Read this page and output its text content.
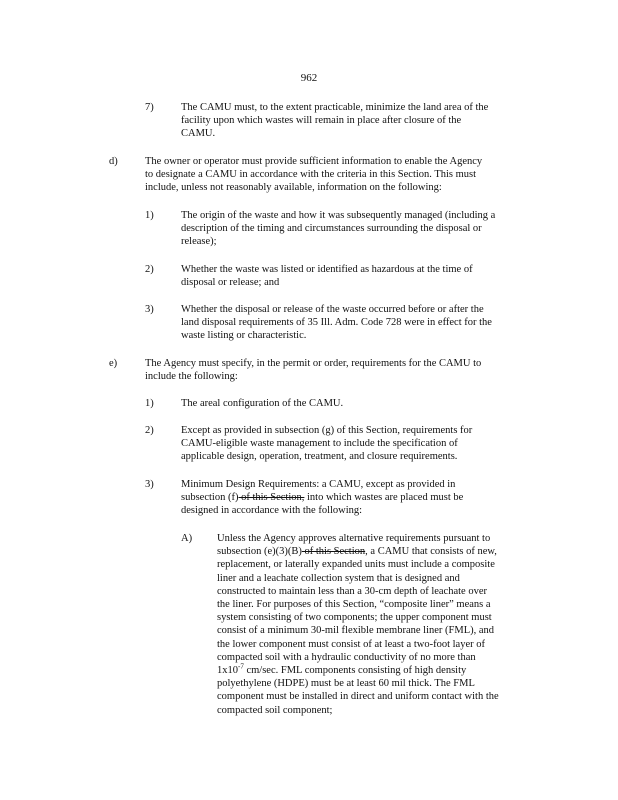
962
7)	The CAMU must, to the extent practicable, minimize the land area of the
facility upon which wastes will remain in place after closure of the
CAMU.
d)	The owner or operator must provide sufficient information to enable the Agency
to designate a CAMU in accordance with the criteria in this Section. This must
include, unless not reasonably available, information on the following:
1)	The origin of the waste and how it was subsequently managed (including a
description of the timing and circumstances surrounding the disposal or
release);
2)	Whether the waste was listed or identified as hazardous at the time of
disposal or release; and
3)	Whether the disposal or release of the waste occurred before or after the
land disposal requirements of 35 Ill. Adm. Code 728 were in effect for the
waste listing or characteristic.
e)	The Agency must specify, in the permit or order, requirements for the CAMU to
include the following:
1)	The areal configuration of the CAMU.
2)	Except as provided in subsection (g) of this Section, requirements for
CAMU-eligible waste management to include the specification of
applicable design, operation, treatment, and closure requirements.
3)	Minimum Design Requirements: a CAMU, except as provided in
subsection (f) of this Section, into which wastes are placed must be
designed in accordance with the following:
A) Unless the Agency approves alternative requirements pursuant to
subsection (e)(3)(B) of this Section, a CAMU that consists of new,
replacement, or laterally expanded units must include a composite
liner and a leachate collection system that is designed and
constructed to maintain less than a 30-cm depth of leachate over
the liner. For purposes of this Section, “composite liner” means a
system consisting of two components; the upper component must
consist of a minimum 30-mil flexible membrane liner (FML), and
the lower component must consist of at least a two-foot layer of
compacted soil with a hydraulic conductivity of no more than
$1x10^{-7}$ cm/sec. FML components consisting of high density
polyethylene (HDPE) must be at least 60 mil thick. The FML
component must be installed in direct and uniform contact with the
compacted soil component;
